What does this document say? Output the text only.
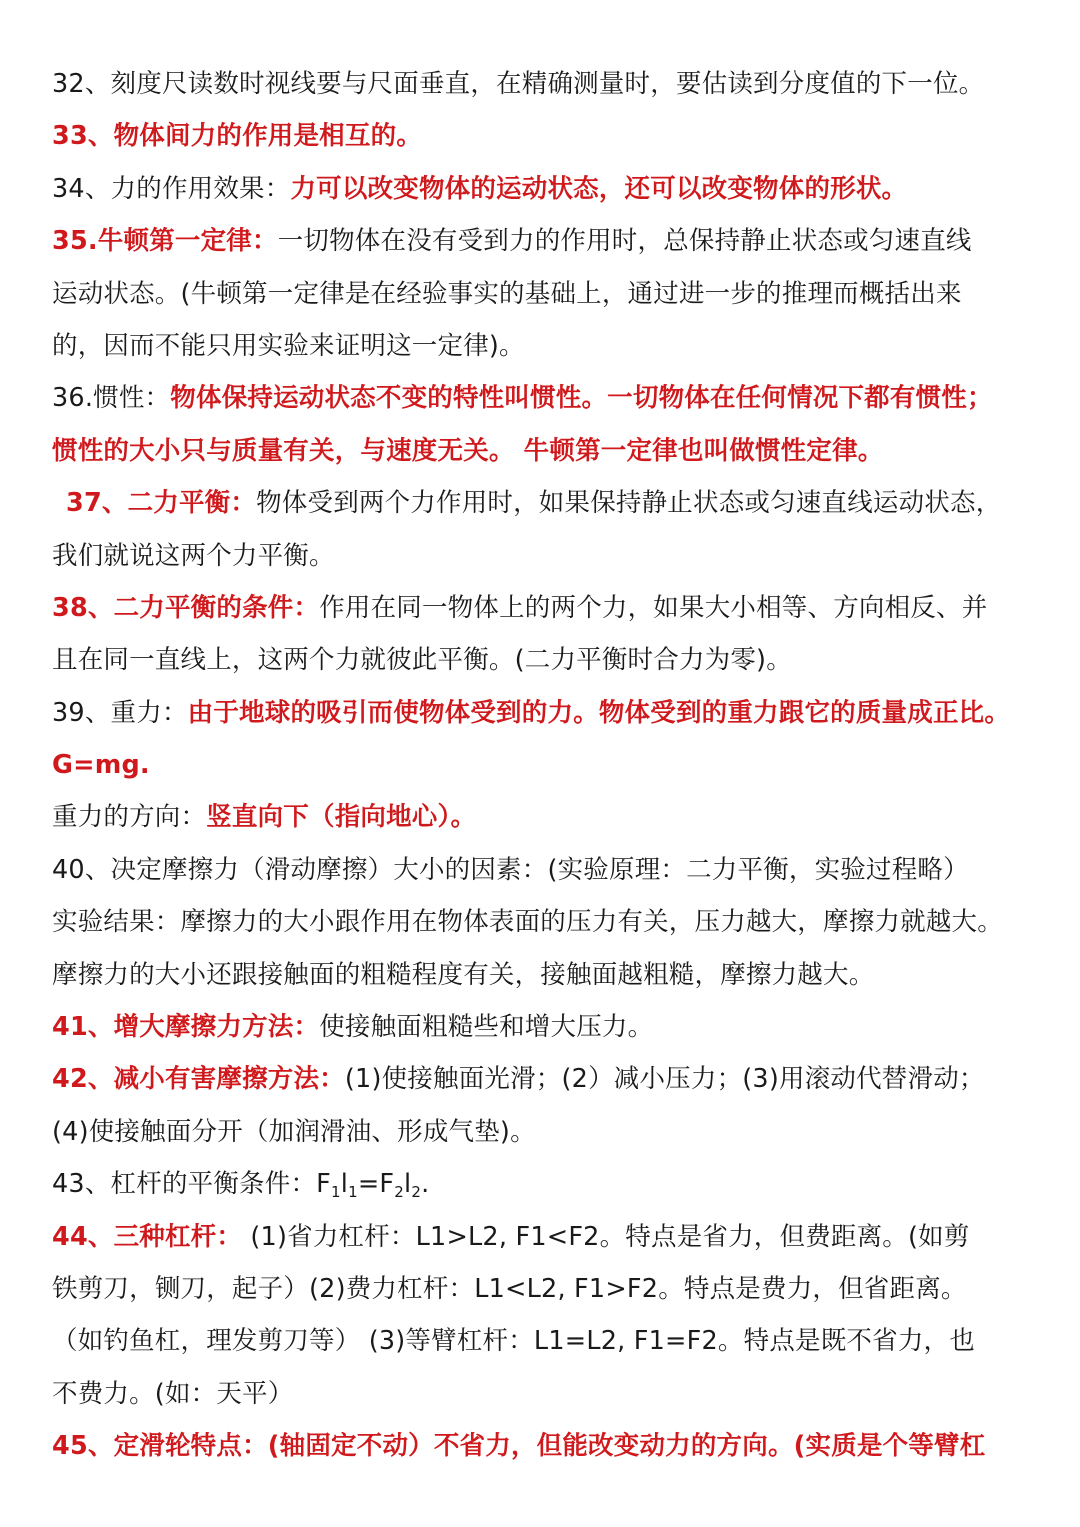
32、刻度尺读数时视线要与尺面垂直，在精确测量时，要估读到分度值的下一位。
33、物体间力的作用是相互的。
34、力的作用效果：力可以改变物体的运动状态，还可以改变物体的形状。
35.牛顿第一定律：一切物体在没有受到力的作用时，总保持静止状态或匀速直线
运动状态。(牛顿第一定律是在经验事实的基础上，通过进一步的推理而概括出来
的，因而不能只用实验来证明这一定律)。
36.惯性：物体保持运动状态不变的特性叫惯性。一切物体在任何情况下都有惯性；
惯性的大小只与质量有关，与速度无关。 牛顿第一定律也叫做惯性定律。
37、二力平衡：物体受到两个力作用时，如果保持静止状态或匀速直线运动状态，
我们就说这两个力平衡。
38、二力平衡的条件：作用在同一物体上的两个力，如果大小相等、方向相反、并
且在同一直线上，这两个力就彼此平衡。(二力平衡时合力为零)。
39、重力：由于地球的吸引而使物体受到的力。物体受到的重力跟它的质量成正比。
G=mg.
重力的方向：竖直向下（指向地心）。
40、决定摩擦力（滑动摩擦）大小的因素：(实验原理：二力平衡，实验过程略）
实验结果：摩擦力的大小跟作用在物体表面的压力有关，压力越大，摩擦力就越大。
摩擦力的大小还跟接触面的粗糙程度有关，接触面越粗糙，摩擦力越大。
41、增大摩擦力方法：使接触面粗糙些和增大压力。
42、减小有害摩擦方法：(1)使接触面光滑；(2）减小压力；(3)用滚动代替滑动；
(4)使接触面分开（加润滑油、形成气垫)。
43、杠杆的平衡条件：$F_1l_1=F_2l_2$.
44、三种杠杆： (1)省力杠杆：L1>L2, F1<F2。特点是省力，但费距离。(如剪
铁剪刀，铡刀，起子）(2)费力杠杆：L1<L2, F1>F2。特点是费力，但省距离。
（如钓鱼杠，理发剪刀等） (3)等臂杠杆：L1=L2, F1=F2。特点是既不省力，也
不费力。(如：天平）
45、定滑轮特点：(轴固定不动）不省力，但能改变动力的方向。(实质是个等臂杠
